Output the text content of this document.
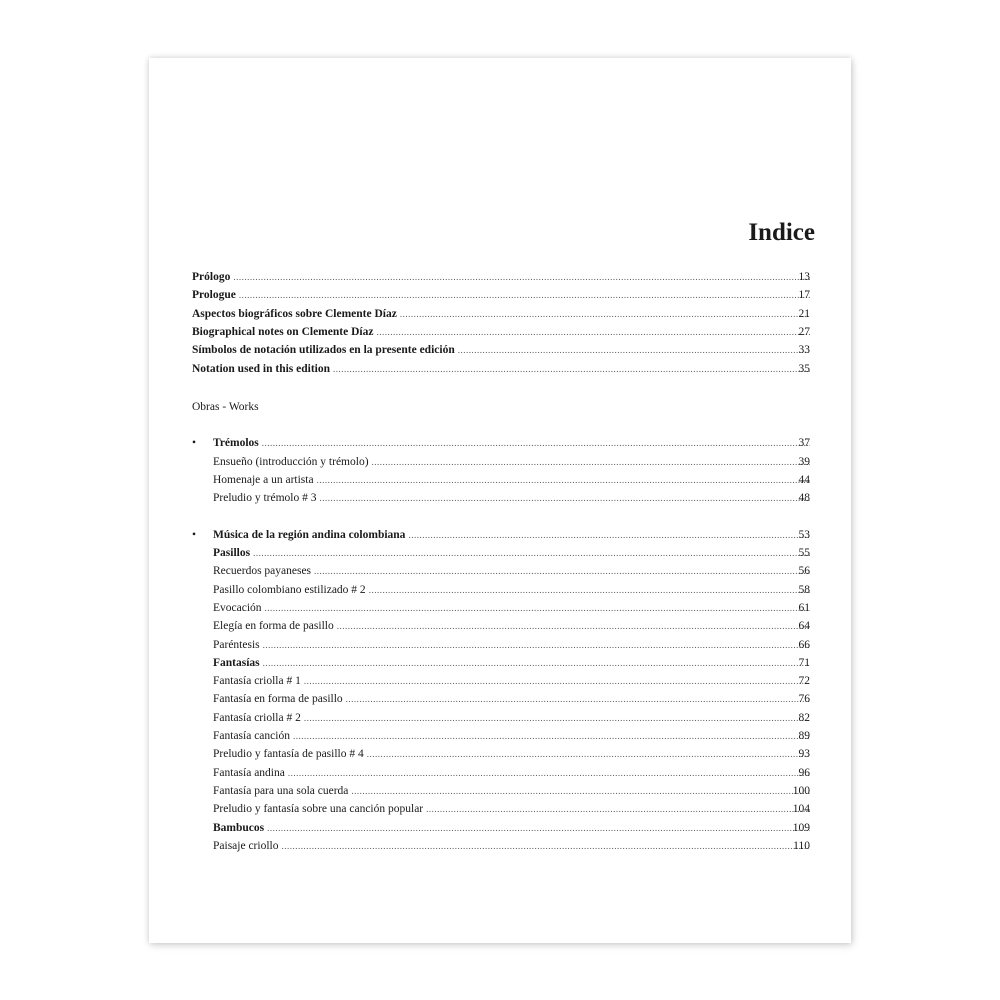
Indice
Obras - Works
Prólogo .....	13
Prologue .....	17
Aspectos biográficos sobre Clemente Díaz .....	21
Biographical notes on Clemente Díaz .....	27
Símbolos de notación utilizados en la presente edición .....	33
Notation used in this edition .....	35
• Trémolos .....	37
Ensueño (introducción y trémolo) .....	39
Homenaje a un artista .....	44
Preludio y trémolo # 3 .....	48
• Música de la región andina colombiana .....	53
Pasillos .....	55
Recuerdos payaneses .....	56
Pasillo colombiano estilizado # 2 .....	58
Evocación .....	61
Elegía en forma de pasillo .....	64
Paréntesis .....	66
Fantasías .....	71
Fantasía criolla # 1 .....	72
Fantasía en forma de pasillo .....	76
Fantasía criolla # 2 .....	82
Fantasía canción .....	89
Preludio y fantasía de pasillo # 4 .....	93
Fantasía andina .....	96
Fantasía para una sola cuerda .....	100
Preludio y fantasía sobre una canción popular .....	104
Bambucos .....	109
Paisaje criollo .....	110
